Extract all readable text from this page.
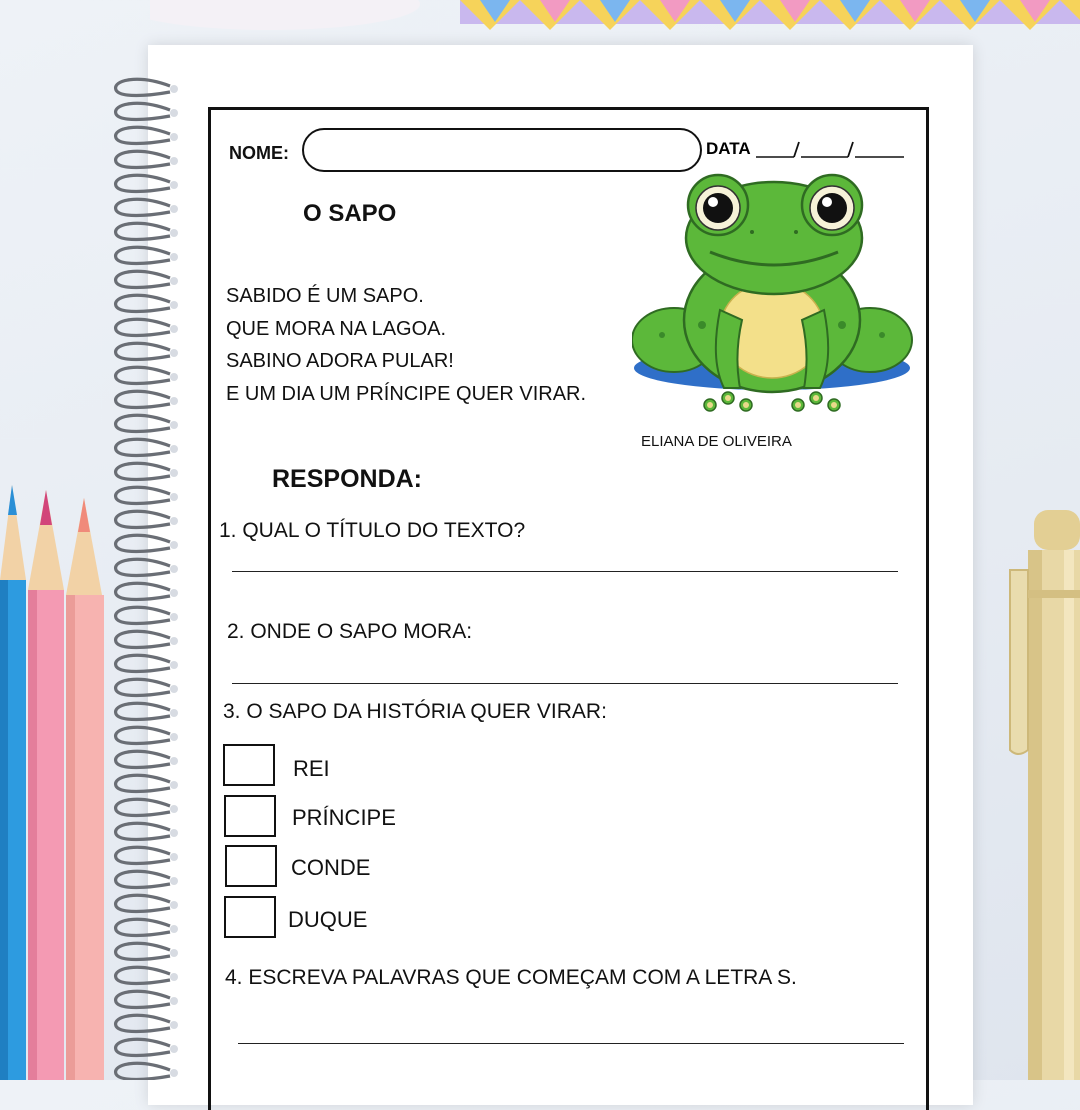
NOME:	DATA
O SAPO
SABIDO É UM SAPO.
QUE MORA NA LAGOA.
SABINO ADORA PULAR!
E UM DIA UM PRÍNCIPE QUER VIRAR.
ELIANA DE OLIVEIRA
RESPONDA:
1. QUAL O TÍTULO DO TEXTO?
2. ONDE O SAPO MORA:
3. O SAPO DA HISTÓRIA QUER VIRAR:
REI
PRÍNCIPE
CONDE
DUQUE
4. ESCREVA PALAVRAS QUE COMEÇAM COM A LETRA S.
